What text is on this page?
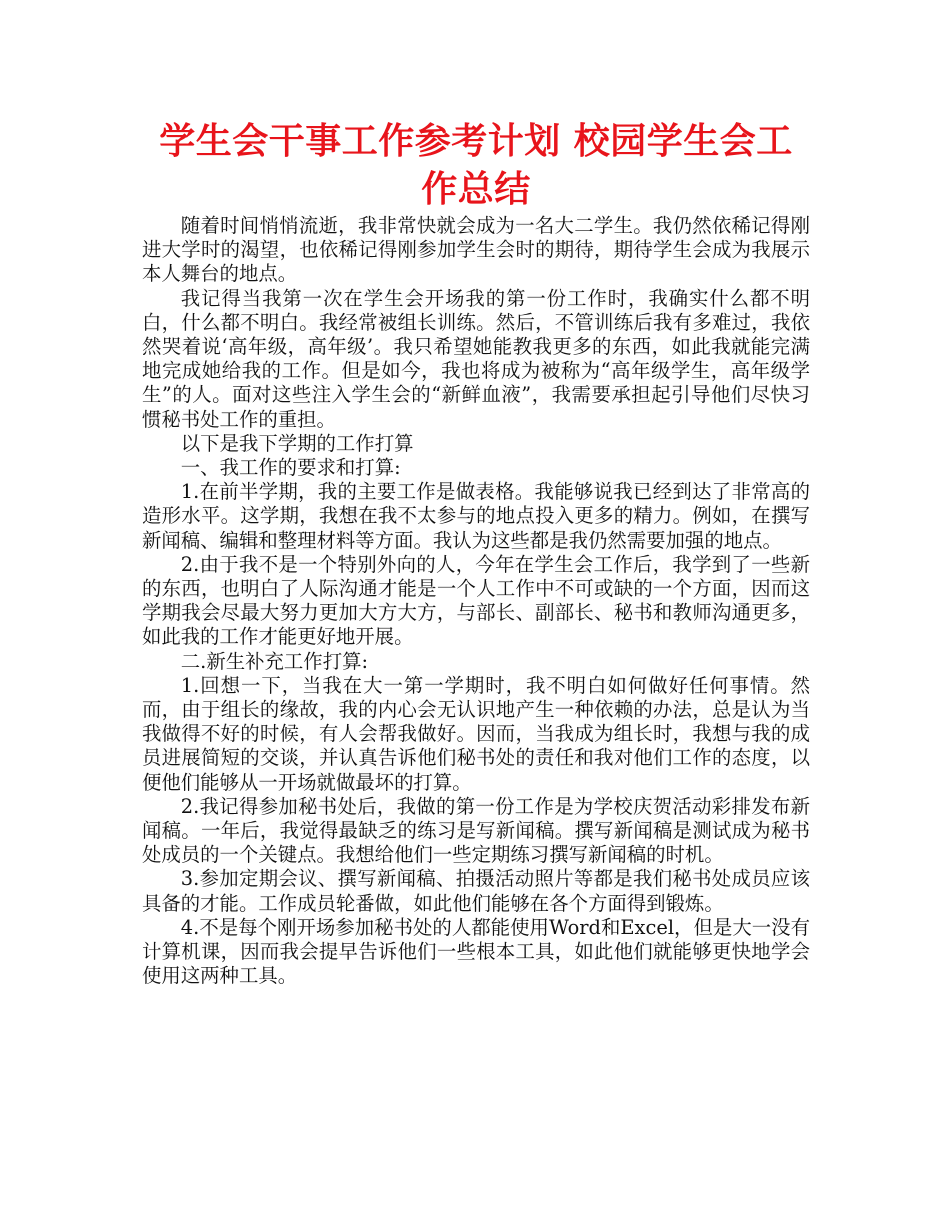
学生会干事工作参考计划 校园学生会工作总结

随着时间悄悄流逝，我非常快就会成为一名大二学生。我仍然依稀记得刚进大学时的渴望，也依稀记得刚参加学生会时的期待，期待学生会成为我展示本人舞台的地点。

我记得当我第一次在学生会开场我的第一份工作时，我确实什么都不明白，什么都不明白。我经常被组长训练。然后，不管训练后我有多难过，我依然哭着说‘高年级，高年级’。我只希望她能教我更多的东西，如此我就能完满地完成她给我的工作。但是如今，我也将成为被称为“高年级学生，高年级学生”的人。面对这些注入学生会的“新鲜血液”，我需要承担起引导他们尽快习惯秘书处工作的重担。

以下是我下学期的工作打算

一、我工作的要求和打算:

1.在前半学期，我的主要工作是做表格。我能够说我已经到达了非常高的造形水平。这学期，我想在我不太参与的地点投入更多的精力。例如，在撰写新闻稿、编辑和整理材料等方面。我认为这些都是我仍然需要加强的地点。

2.由于我不是一个特别外向的人，今年在学生会工作后，我学到了一些新的东西，也明白了人际沟通才能是一个人工作中不可或缺的一个方面，因而这学期我会尽最大努力更加大方大方，与部长、副部长、秘书和教师沟通更多，如此我的工作才能更好地开展。

二.新生补充工作打算:

1.回想一下，当我在大一第一学期时，我不明白如何做好任何事情。然而，由于组长的缘故，我的内心会无认识地产生一种依赖的办法，总是认为当我做得不好的时候，有人会帮我做好。因而，当我成为组长时，我想与我的成员进展简短的交谈，并认真告诉他们秘书处的责任和我对他们工作的态度，以便他们能够从一开场就做最坏的打算。

2.我记得参加秘书处后，我做的第一份工作是为学校庆贺活动彩排发布新闻稿。一年后，我觉得最缺乏的练习是写新闻稿。撰写新闻稿是测试成为秘书处成员的一个关键点。我想给他们一些定期练习撰写新闻稿的时机。

3.参加定期会议、撰写新闻稿、拍摄活动照片等都是我们秘书处成员应该具备的才能。工作成员轮番做，如此他们能够在各个方面得到锻炼。

4.不是每个刚开场参加秘书处的人都能使用Word和Excel，但是大一没有计算机课，因而我会提早告诉他们一些根本工具，如此他们就能够更快地学会使用这两种工具。
